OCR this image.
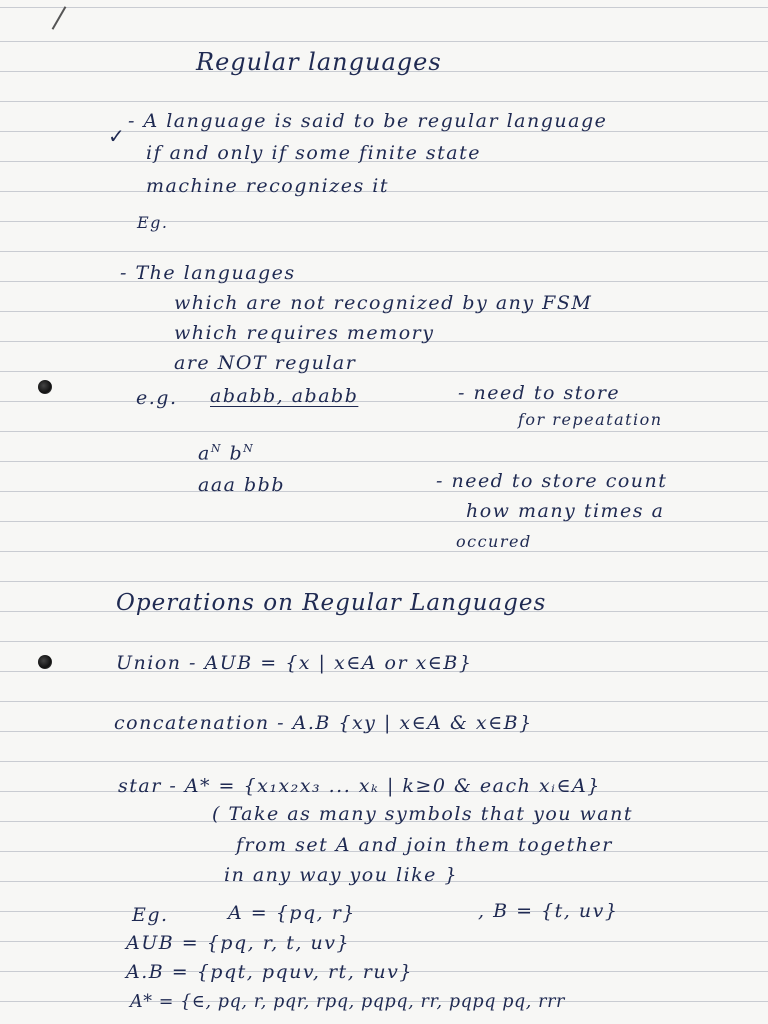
Regular languages
✓
- A language is said to be regular language
if and only if some finite state
machine recognizes it
Eg.
- The languages
which are not recognized by any FSM
which requires memory
are NOT regular
e.g. ababb, ababb	- need to store
for repeatation
$a^N$ $b^N$
aaa bbb	- need to store count
how many times a
occured
Operations on Regular Languages
Union - AUB = {x | x∈A or x∈B}
concatenation - A.B {xy | x∈A & x∈B}
star - A* = {x₁x₂x₃ ... xₖ | k≥0 & each xᵢ∈A}
( Take as many symbols that you want
from set A and join them together
in any way you like }
Eg.	A = {pq, r}	, B = {t, uv}
AUB = {pq, r, t, uv}
A.B = {pqt, pquv, rt, ruv}
A* = {∈, pq, r, pqr, rpq, pqpq, rr, pqpq pq, rrr
